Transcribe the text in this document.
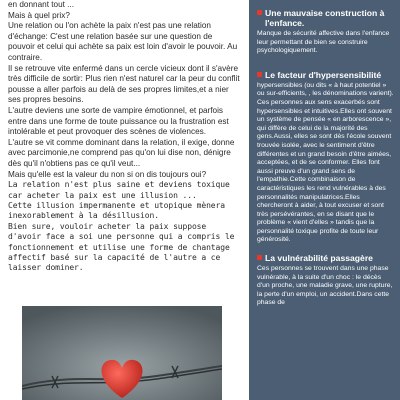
en donnant tout ...
Mais à quel prix?
Une relation ou l'on achète la paix n'est pas une relation d'échange: C'est une relation basée sur une question de pouvoir et celui qui achète sa paix est loin d'avoir le pouvoir. Au contraire.
Il se retrouve vite enfermé dans un cercle vicieux dont il s'avère très difficile de sortir: Plus rien n'est naturel car la peur du conflit pousse a aller parfois au delà de ses propres limites,et a nier ses propres besoins.
L'autre deviens une sorte de vampire émotionnel, et parfois entre dans une forme de toute puissance ou la frustration est intolérable et peut provoquer des scènes de violences.
L'autre se vit comme dominant dans la relation, il exige, donne avec parcimonie,ne comprend pas qu'on lui dise non, dénigre dès qu'il n'obtiens pas ce qu'il veut...
Mais qu'elle est la valeur du non si on dis toujours oui?

La relation n'est plus saine et deviens toxique car acheter la paix est une illusion ...
Cette illusion impermanente et utopique mènera inexorablement à la désillusion.
Bien sure, vouloir acheter la paix suppose d'avoir face a soi une personne qui a compris le fonctionnement et utilise une forme de chantage affectif basé sur la capacité de l'autre a ce laisser dominer.

Une mauvaise construction à l'enfance.
Manque de sécurité affective dans l'enfance leur permettant de bien se construire psychologiquement.
Le facteur d'hypersensibilité
hypersensibles (ou dits « à haut potentiel » ou sur-efficients, , les dénominations varient).
Ces personnes aux sens exacerbés sont hypersensibles et intuitives.Elles ont souvent un système de pensée « en arborescence », qui diffère de celui de la majorité des gens.Aussi, elles se sont dès l'école souvent trouvée isolée, avec le sentiment d'être différentes et un grand besoin d'être aimées, acceptées, et de se conformer. Elles font aussi preuve d'un grand sens de l'empathie.Cette combinaison de caractéristiques les rend vulnérables à des personnalités manipulatrices.Elles chercheront à aider, à tout excuser et sont très persévérantes, en se disant que le problème « vient d'elles » tandis que la personnalité toxique profite de toute leur générosité.
La vulnérabilité passagère
Ces personnes se trouvent dans une phase vulnérable, à la suite d'un choc : le décès d'un proche, une maladie grave, une rupture, la perte d'un emploi, un accident.Dans cette phase de
